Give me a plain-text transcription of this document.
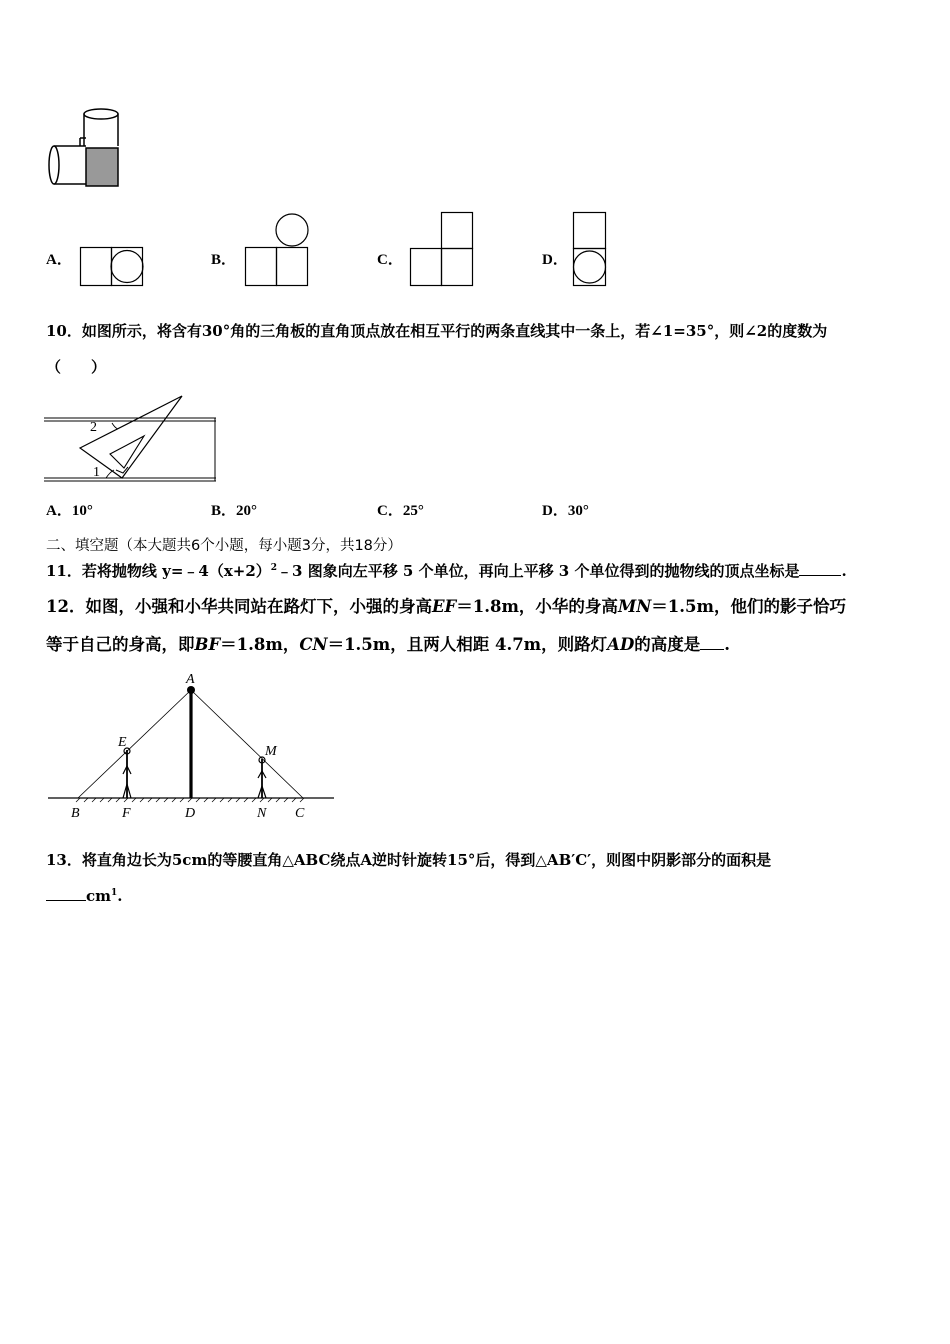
A．	B．	C．	D．
10．如图所示，将含有30°角的三角板的直角顶点放在相互平行的两条直线其中一条上，若∠1=35°，则∠2的度数为
（　　）
2
1
A．10°	B．20°	C．25°	D．30°
二、填空题（本大题共6个小题，每小题3分，共18分）
11．若将抛物线 $y=﹣4(x+2)^2﹣3$ 图象向左平移 5 个单位，再向上平移 3 个单位得到的抛物线的顶点坐标是	.
12．如图，小强和小华共同站在路灯下，小强的身高EF＝1.8m，小华的身高MN＝1.5m，他们的影子恰巧
等于自己的身高，即BF＝1.8m，CN＝1.5m，且两人相距 4.7m，则路灯AD的高度是 .
A
E
M
B	F	D	N C
13．将直角边长为5cm的等腰直角△ABC绕点A逆时针旋转15°后，得到△AB′C′，则图中阴影部分的面积是
$cm^1$.
